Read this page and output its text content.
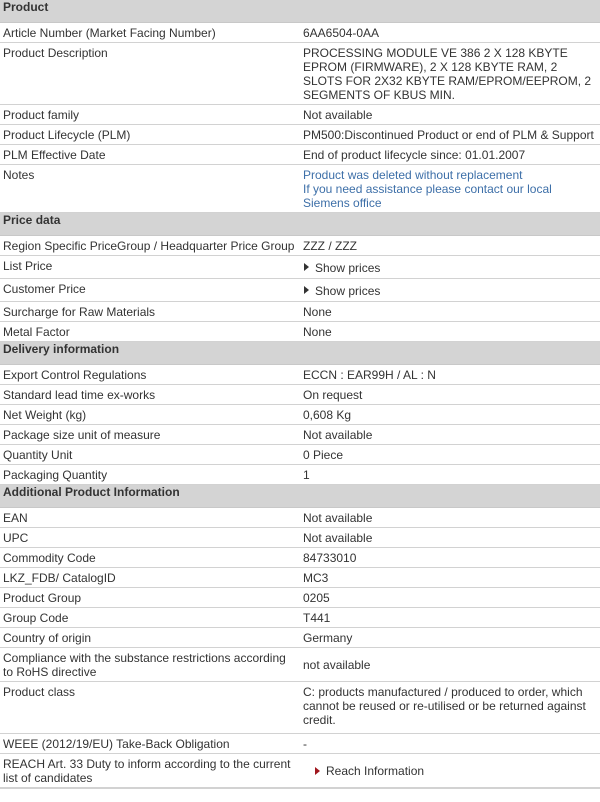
Product	
Article Number (Market Facing Number)	6AA6504-0AA
Product Description	PROCESSING MODULE VE 386 2 X 128 KBYTE EPROM (FIRMWARE), 2 X 128 KBYTE RAM, 2 SLOTS FOR 2X32 KBYTE RAM/EPROM/EEPROM, 2 SEGMENTS OF KBUS MIN.
Product family	Not available
Product Lifecycle (PLM)	PM500:Discontinued Product or end of PLM & Support
PLM Effective Date	End of product lifecycle since: 01.01.2007
Notes	Product was deleted without replacement
If you need assistance please contact our local Siemens office

Price data	
Region Specific PriceGroup / Headquarter Price Group	ZZZ / ZZZ
List Price	Show prices
Customer Price	Show prices
Surcharge for Raw Materials	None
Metal Factor	None
Delivery information	
Export Control Regulations	ECCN : EAR99H / AL : N
Standard lead time ex-works	On request
Net Weight (kg)	0,608 Kg
Package size unit of measure	Not available
Quantity Unit	0 Piece
Packaging Quantity	1
Additional Product Information	
EAN	Not available
UPC	Not available
Commodity Code	84733010
LKZ_FDB/ CatalogID	MC3
Product Group	0205
Group Code	T441
Country of origin	Germany
Compliance with the substance restrictions according to RoHS directive	not available
Product class	C: products manufactured / produced to order, which cannot be reused or re-utilised or be returned against credit.
WEEE (2012/19/EU) Take-Back Obligation	-
REACH Art. 33 Duty to inform according to the current list of candidates	Reach Information
